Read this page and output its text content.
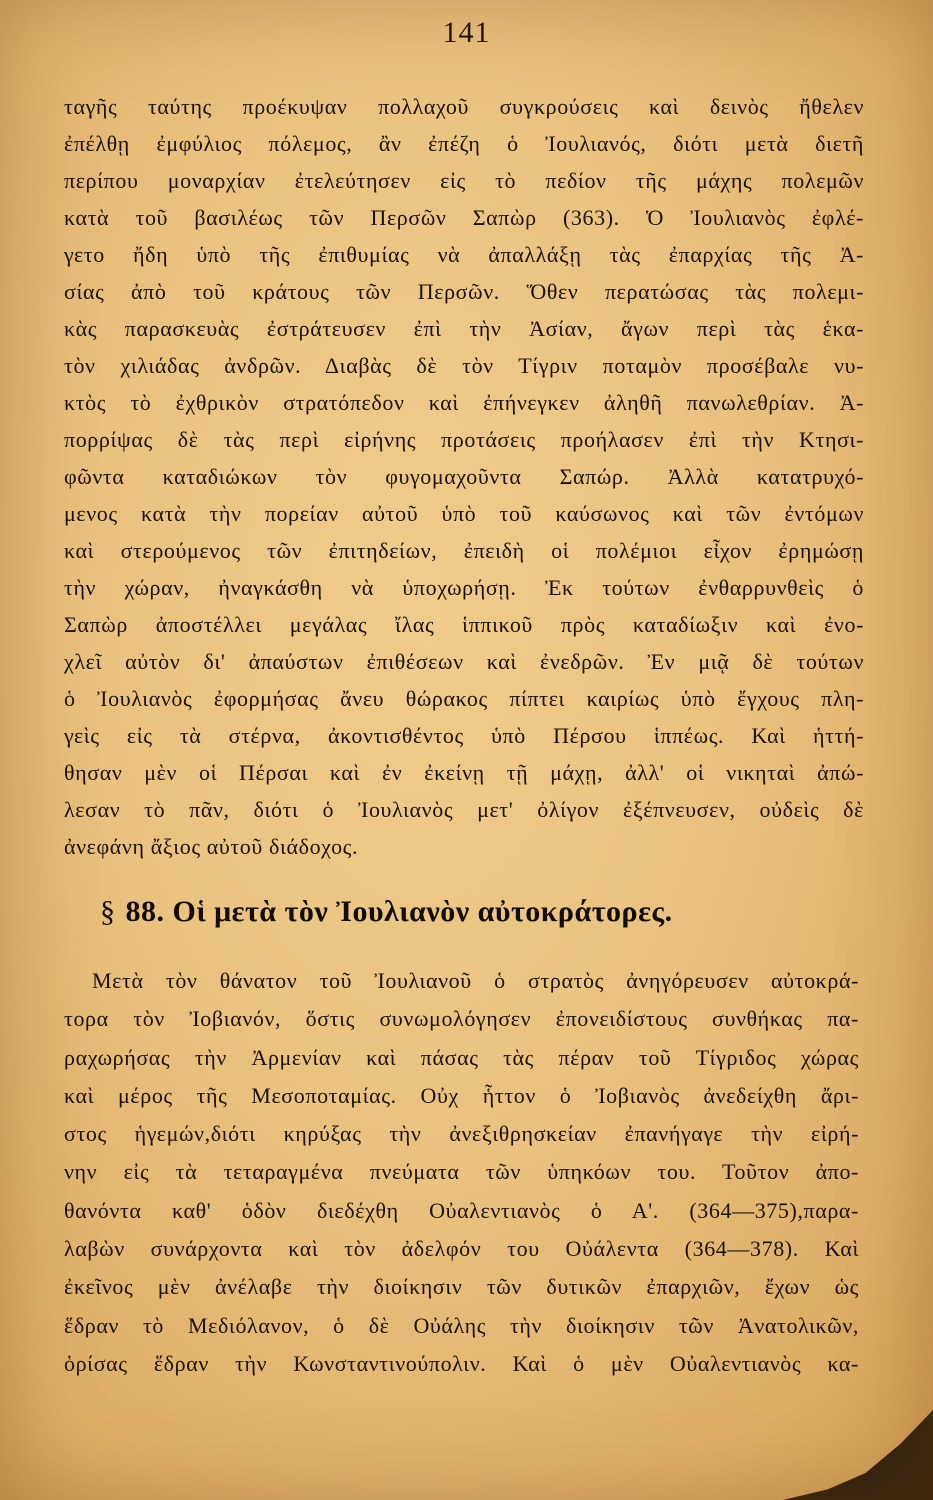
141
ταγῆς ταύτης προέκυψαν πολλαχοῦ συγκρούσεις καὶ δεινὸς ἤθελεν
ἐπέλθῃ ἐμφύλιος πόλεμος, ἂν ἐπέζη ὁ Ἰουλιανός, διότι μετὰ διετῆ
περίπου μοναρχίαν ἐτελεύτησεν εἰς τὸ πεδίον τῆς μάχης πολεμῶν
κατὰ τοῦ βασιλέως τῶν Περσῶν Σαπὼρ (363). Ὁ Ἰουλιανὸς ἐφλέ-
γετο ἤδη ὑπὸ τῆς ἐπιθυμίας νὰ ἀπαλλάξῃ τὰς ἐπαρχίας τῆς Ἀ-
σίας ἀπὸ τοῦ κράτους τῶν Περσῶν. Ὅθεν περατώσας τὰς πολεμι-
κὰς παρασκευὰς ἐστράτευσεν ἐπὶ τὴν Ἀσίαν, ἄγων περὶ τὰς ἑκα-
τὸν χιλιάδας ἀνδρῶν. Διαβὰς δὲ τὸν Τίγριν ποταμὸν προσέβαλε νυ-
κτὸς τὸ ἐχθρικὸν στρατόπεδον καὶ ἐπήνεγκεν ἀληθῆ πανωλεθρίαν. Ἀ-
πορρίψας δὲ τὰς περὶ εἰρήνης προτάσεις προήλασεν ἐπὶ τὴν Κτησι-
φῶντα καταδιώκων τὸν φυγομαχοῦντα Σαπώρ. Ἀλλὰ κατατρυχό-
μενος κατὰ τὴν πορείαν αὐτοῦ ὑπὸ τοῦ καύσωνος καὶ τῶν ἐντόμων
καὶ στερούμενος τῶν ἐπιτηδείων, ἐπειδὴ οἱ πολέμιοι εἶχον ἐρημώσῃ
τὴν χώραν, ἠναγκάσθη νὰ ὑποχωρήσῃ. Ἐκ τούτων ἐνθαρρυνθεὶς ὁ
Σαπὼρ ἀποστέλλει μεγάλας ἴλας ἱππικοῦ πρὸς καταδίωξιν καὶ ἐνο-
χλεῖ αὐτὸν δι' ἀπαύστων ἐπιθέσεων καὶ ἐνεδρῶν. Ἐν μιᾷ δὲ τούτων
ὁ Ἰουλιανὸς ἐφορμήσας ἄνευ θώρακος πίπτει καιρίως ὑπὸ ἔγχους πλη-
γεὶς εἰς τὰ στέρνα, ἀκοντισθέντος ὑπὸ Πέρσου ἱππέως. Καὶ ἡττή-
θησαν μὲν οἱ Πέρσαι καὶ ἐν ἐκείνῃ τῇ μάχῃ, ἀλλ' οἱ νικηταὶ ἀπώ-
λεσαν τὸ πᾶν, διότι ὁ Ἰουλιανὸς μετ' ὀλίγον ἐξέπνευσεν, οὐδεὶς δὲ
ἀνεφάνη ἄξιος αὐτοῦ διάδοχος.
§ 88. Οἱ μετὰ τὸν Ἰουλιανὸν αὐτοκράτορες.
Μετὰ τὸν θάνατον τοῦ Ἰουλιανοῦ ὁ στρατὸς ἀνηγόρευσεν αὐτοκρά-
τορα τὸν Ἰοβιανόν, ὅστις συνωμολόγησεν ἐπονειδίστους συνθήκας πα-
ραχωρήσας τὴν Ἀρμενίαν καὶ πάσας τὰς πέραν τοῦ Τίγριδος χώρας
καὶ μέρος τῆς Μεσοποταμίας. Οὐχ ἧττον ὁ Ἰοβιανὸς ἀνεδείχθη ἄρι-
στος ἡγεμών,διότι κηρύξας τὴν ἀνεξιθρησκείαν ἐπανήγαγε τὴν εἰρή-
νην εἰς τὰ τεταραγμένα πνεύματα τῶν ὑπηκόων του. Τοῦτον ἀπο-
θανόντα καθ' ὁδὸν διεδέχθη Οὐαλεντιανὸς ὁ Α'. (364—375),παρα-
λαβὼν συνάρχοντα καὶ τὸν ἀδελφόν του Οὐάλεντα (364—378). Καὶ
ἐκεῖνος μὲν ἀνέλαβε τὴν διοίκησιν τῶν δυτικῶν ἐπαρχιῶν, ἔχων ὡς
ἕδραν τὸ Μεδιόλανον, ὁ δὲ Οὐάλης τὴν διοίκησιν τῶν Ἀνατολικῶν,
ὁρίσας ἕδραν τὴν Κωνσταντινούπολιν. Καὶ ὁ μὲν Οὐαλεντιανὸς κα-
